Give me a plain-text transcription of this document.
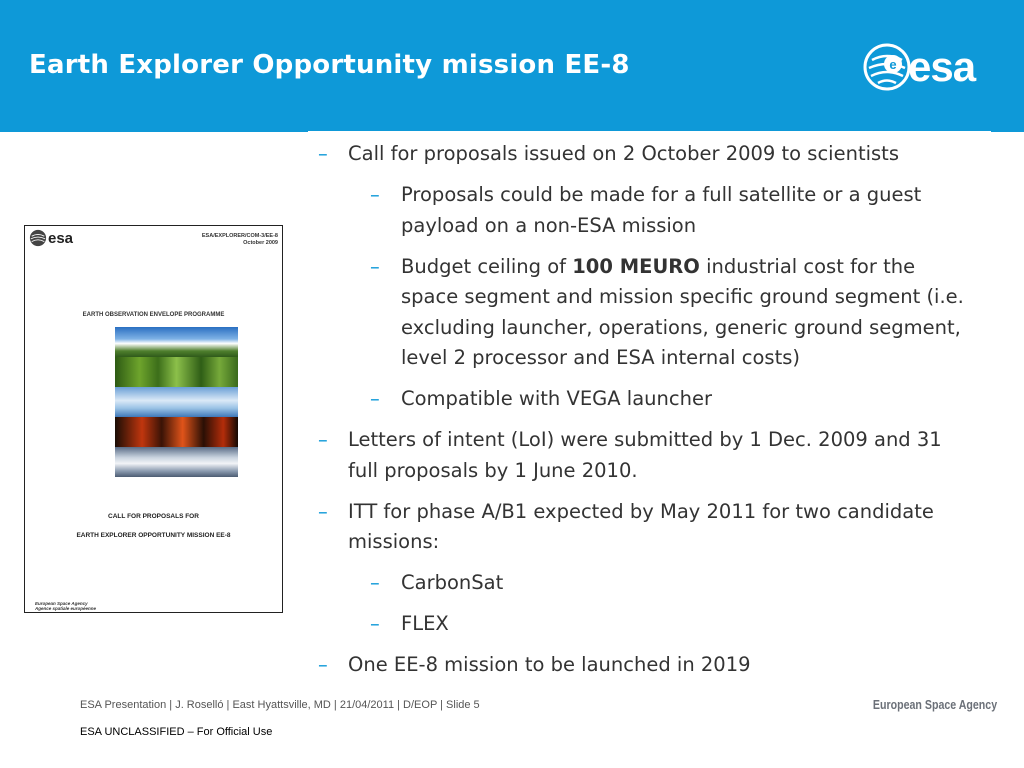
Earth Explorer Opportunity mission EE-8	e esa
esa	ESA/EXPLORER/COM-3/EE-8
October 2009
EARTH OBSERVATION ENVELOPE PROGRAMME
CALL FOR PROPOSALS FOR
EARTH EXPLORER OPPORTUNITY MISSION EE-8
European Space Agency
Agence spatiale européenne
– Call for proposals issued on 2 October 2009 to scientists
– Proposals could be made for a full satellite or a guest payload on a non-ESA mission
– Budget ceiling of 100 MEURO industrial cost for the space segment and mission specific ground segment (i.e. excluding launcher, operations, generic ground segment, level 2 processor and ESA internal costs)
– Compatible with VEGA launcher
– Letters of intent (LoI) were submitted by 1 Dec. 2009 and 31 full proposals by 1 June 2010.
– ITT for phase A/B1 expected by May 2011 for two candidate missions:
– CarbonSat
– FLEX
– One EE-8 mission to be launched in 2019
ESA Presentation | J. Roselló | East Hyattsville, MD | 21/04/2011 | D/EOP | Slide 5	European Space Agency
ESA UNCLASSIFIED – For Official Use
